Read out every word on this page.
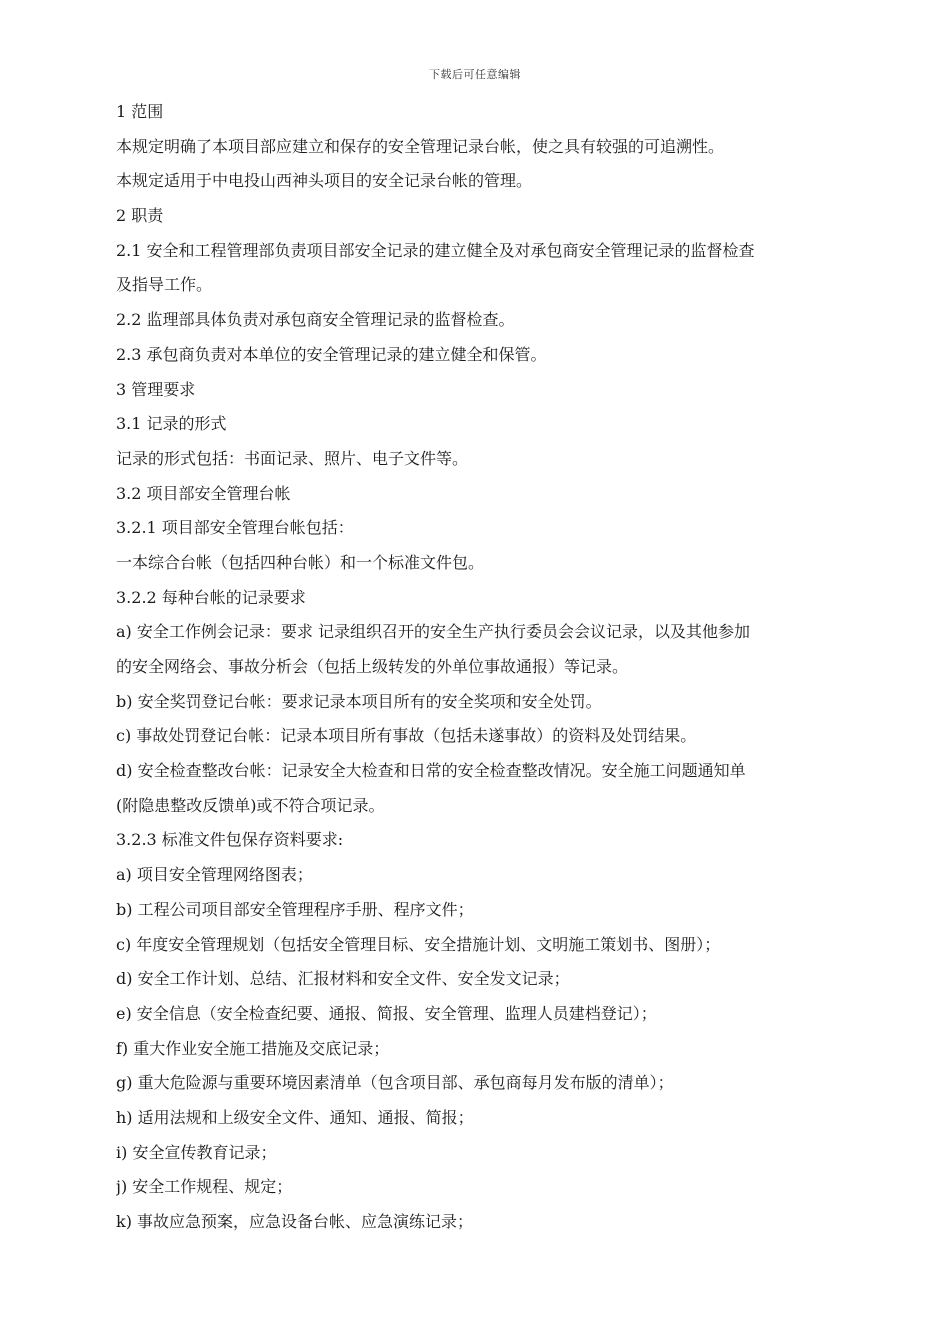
下载后可任意编辑
1 范围
本规定明确了本项目部应建立和保存的安全管理记录台帐，使之具有较强的可追溯性。
本规定适用于中电投山西神头项目的安全记录台帐的管理。
2 职责
2.1 安全和工程管理部负责项目部安全记录的建立健全及对承包商安全管理记录的监督检查
及指导工作。
2.2 监理部具体负责对承包商安全管理记录的监督检查。
2.3 承包商负责对本单位的安全管理记录的建立健全和保管。
3 管理要求
3.1 记录的形式
记录的形式包括：书面记录、照片、电子文件等。
3.2 项目部安全管理台帐
3.2.1 项目部安全管理台帐包括：
一本综合台帐（包括四种台帐）和一个标准文件包。
3.2.2 每种台帐的记录要求
a) 安全工作例会记录：要求 记录组织召开的安全生产执行委员会会议记录，以及其他参加
的安全网络会、事故分析会（包括上级转发的外单位事故通报）等记录。
b) 安全奖罚登记台帐：要求记录本项目所有的安全奖项和安全处罚。
c) 事故处罚登记台帐：记录本项目所有事故（包括未遂事故）的资料及处罚结果。
d) 安全检查整改台帐：记录安全大检查和日常的安全检查整改情况。安全施工问题通知单
(附隐患整改反馈单)或不符合项记录。
3.2.3 标准文件包保存资料要求:
a) 项目安全管理网络图表；
b) 工程公司项目部安全管理程序手册、程序文件；
c) 年度安全管理规划（包括安全管理目标、安全措施计划、文明施工策划书、图册）；
d) 安全工作计划、总结、汇报材料和安全文件、安全发文记录；
e) 安全信息（安全检查纪要、通报、简报、安全管理、监理人员建档登记）；
f) 重大作业安全施工措施及交底记录；
g) 重大危险源与重要环境因素清单（包含项目部、承包商每月发布版的清单）；
h) 适用法规和上级安全文件、通知、通报、简报；
i) 安全宣传教育记录；
j) 安全工作规程、规定；
k) 事故应急预案，应急设备台帐、应急演练记录；
